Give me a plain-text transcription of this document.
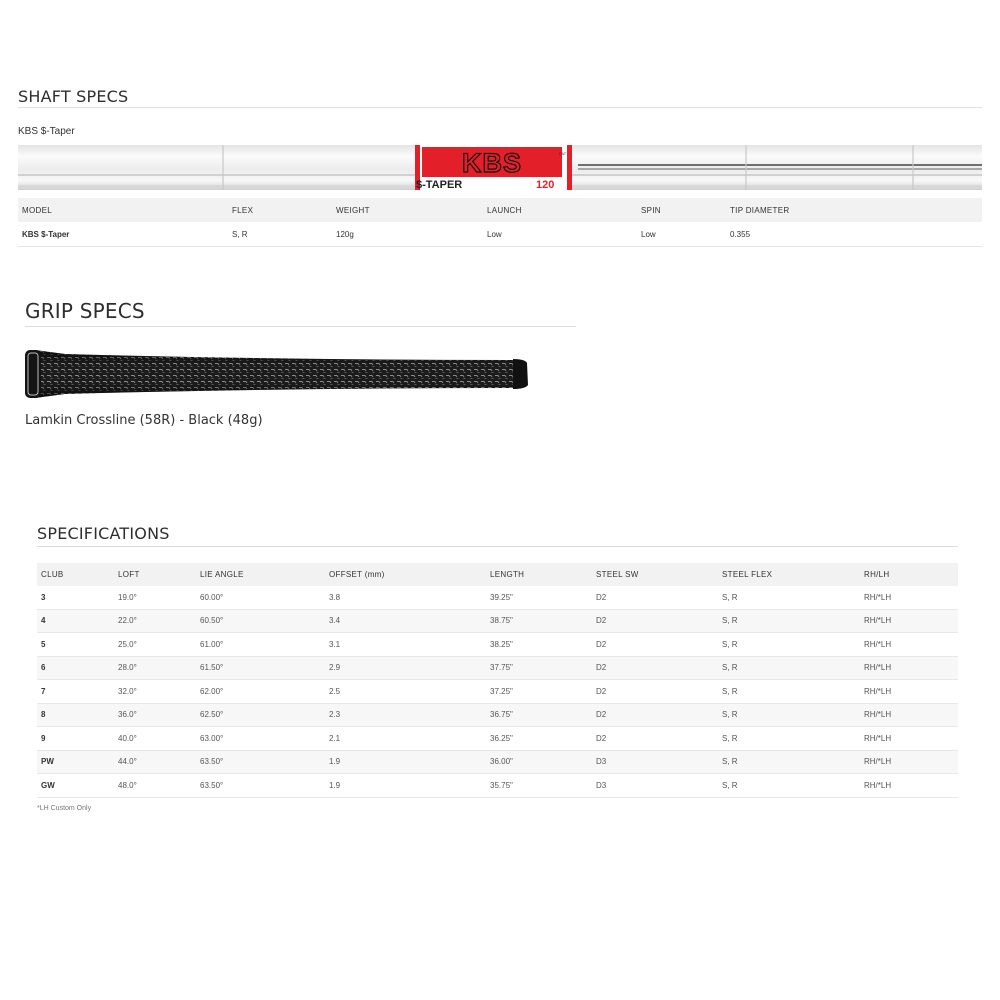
SHAFT SPECS
KBS $-Taper
KBS	PAT
$-TAPER	120
MODEL	FLEX	WEIGHT	LAUNCH	SPIN	TIP DIAMETER
KBS $-Taper	S, R	120g	Low	Low	0.355
GRIP SPECS
Lamkin Crossline (58R) - Black (48g)
SPECIFICATIONS
CLUB	LOFT	LIE ANGLE	OFFSET (mm)	LENGTH	STEEL SW	STEEL FLEX	RH/LH
3	19.0°	60.00°	3.8	39.25"	D2	S, R	RH/*LH
4	22.0°	60.50°	3.4	38.75"	D2	S, R	RH/*LH
5	25.0°	61.00°	3.1	38.25"	D2	S, R	RH/*LH
6	28.0°	61.50°	2.9	37.75"	D2	S, R	RH/*LH
7	32.0°	62.00°	2.5	37.25"	D2	S, R	RH/*LH
8	36.0°	62.50°	2.3	36.75"	D2	S, R	RH/*LH
9	40.0°	63.00°	2.1	36.25"	D2	S, R	RH/*LH
PW	44.0°	63.50°	1.9	36.00"	D3	S, R	RH/*LH
GW	48.0°	63.50°	1.9	35.75"	D3	S, R	RH/*LH
*LH Custom Only
